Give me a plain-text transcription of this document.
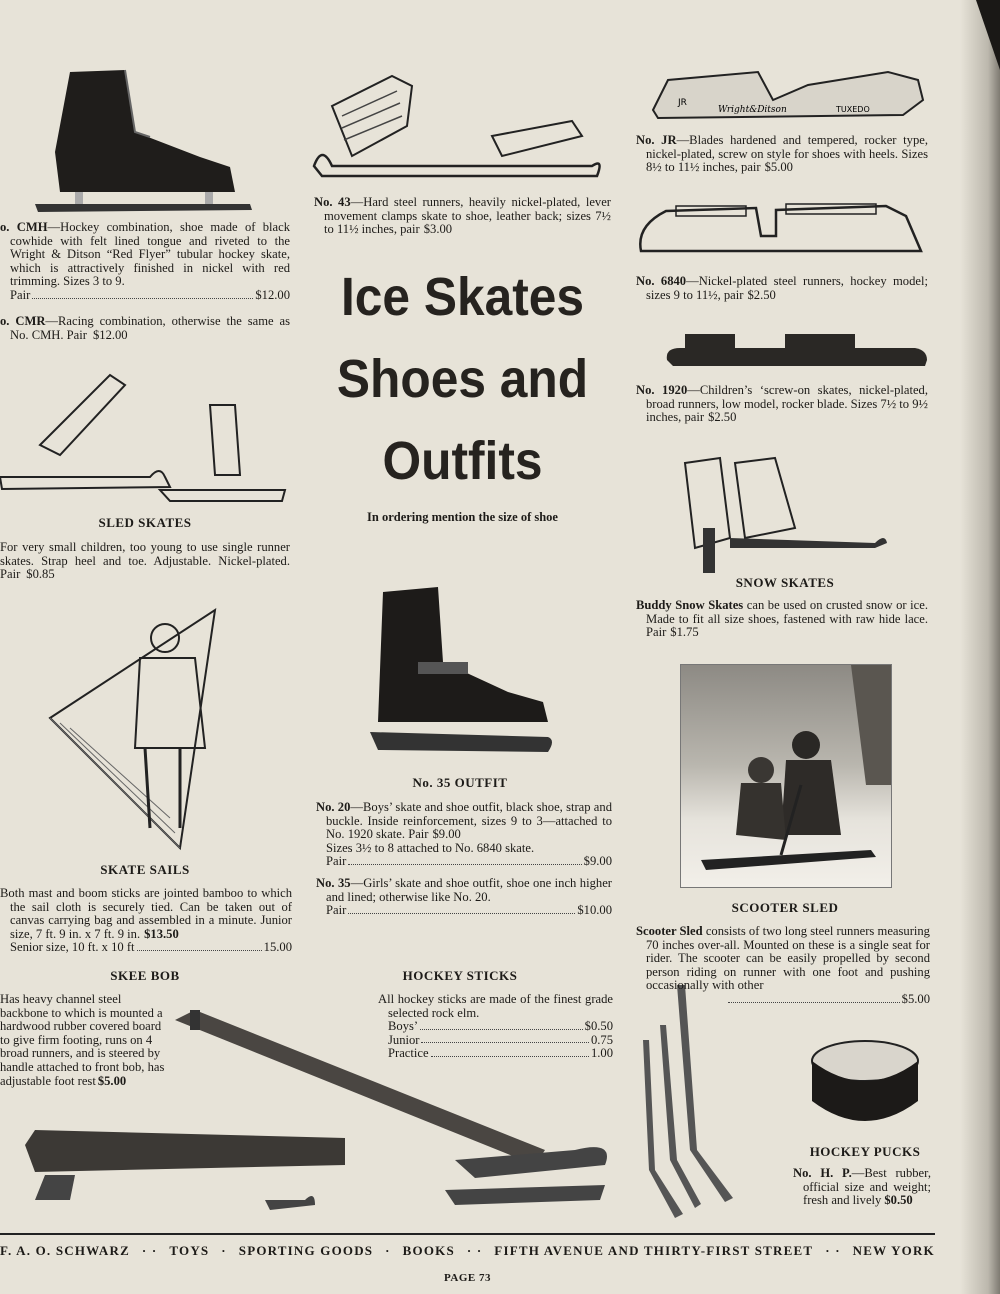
JR
Wright&Ditson	TUXEDO
Ice Skates
Shoes and
Outfits
In ordering mention the size of shoe
o. CMH—Hockey combination, shoe made of black cowhide with felt lined tongue and riveted to the Wright & Ditson “Red Flyer” tubular hockey skate, which is attractively finished in nickel with red trimming. Sizes 3 to 9.
Pair	$12.00
o. CMR—Racing combination, otherwise the same as No. CMH. Pair $12.00
No. 43—Hard steel runners, heavily nickel-plated, lever movement clamps skate to shoe, leather back; sizes 7½ to 11½ inches, pair $3.00
No. JR—Blades hardened and tempered, rocker type, nickel-plated, screw on style for shoes with heels. Sizes 8½ to 11½ inches, pair $5.00
No. 6840—Nickel-plated steel runners, hockey model; sizes 9 to 11½, pair $2.50
No. 1920—Children’s ‘screw-on skates, nickel-plated, broad runners, low model, rocker blade. Sizes 7½ to 9½ inches, pair $2.50
SLED SKATES
For very small children, too young to use single runner skates. Strap heel and toe. Adjustable. Nickel-plated. Pair $0.85
SNOW SKATES
Buddy Snow Skates can be used on crusted snow or ice. Made to fit all size shoes, fastened with raw hide lace. Pair $1.75
No. 35 OUTFIT
No. 20—Boys’ skate and shoe outfit, black shoe, strap and buckle. Inside reinforcement, sizes 9 to 3—attached to No. 1920 skate. Pair $9.00
Sizes 3½ to 8 attached to No. 6840 skate.
Pair	$9.00
No. 35—Girls’ skate and shoe outfit, shoe one inch higher and lined; otherwise like No. 20.
Pair	$10.00
SKATE SAILS
Both mast and boom sticks are jointed bamboo to which the sail cloth is securely tied. Can be taken out of canvas carrying bag and assembled in a minute. Junior size, 7 ft. 9 in. x 7 ft. 9 in. $13.50
Senior size, 10 ft. x 10 ft	15.00
SCOOTER SLED
Scooter Sled consists of two long steel runners measuring 70 inches over-all. Mounted on these is a single seat for rider. The scooter can be easily propelled by second person riding on runner with one foot and pushing occasionally with other
$5.00
SKEE BOB
Has heavy channel steel backbone to which is mounted a hardwood rubber covered board to give firm footing, runs on 4 broad runners, and is steered by handle attached to front bob, has adjustable foot rest $5.00
HOCKEY STICKS
All hockey sticks are made of the finest grade selected rock elm.
Boys’	$0.50
Junior	0.75
Practice	1.00
HOCKEY PUCKS
No. H. P.—Best rubber, official size and weight; fresh and lively $0.50
F. A. O. SCHWARZ · · TOYS · SPORTING GOODS · BOOKS · · FIFTH AVENUE AND THIRTY-FIRST STREET · · NEW YORK
PAGE 73
